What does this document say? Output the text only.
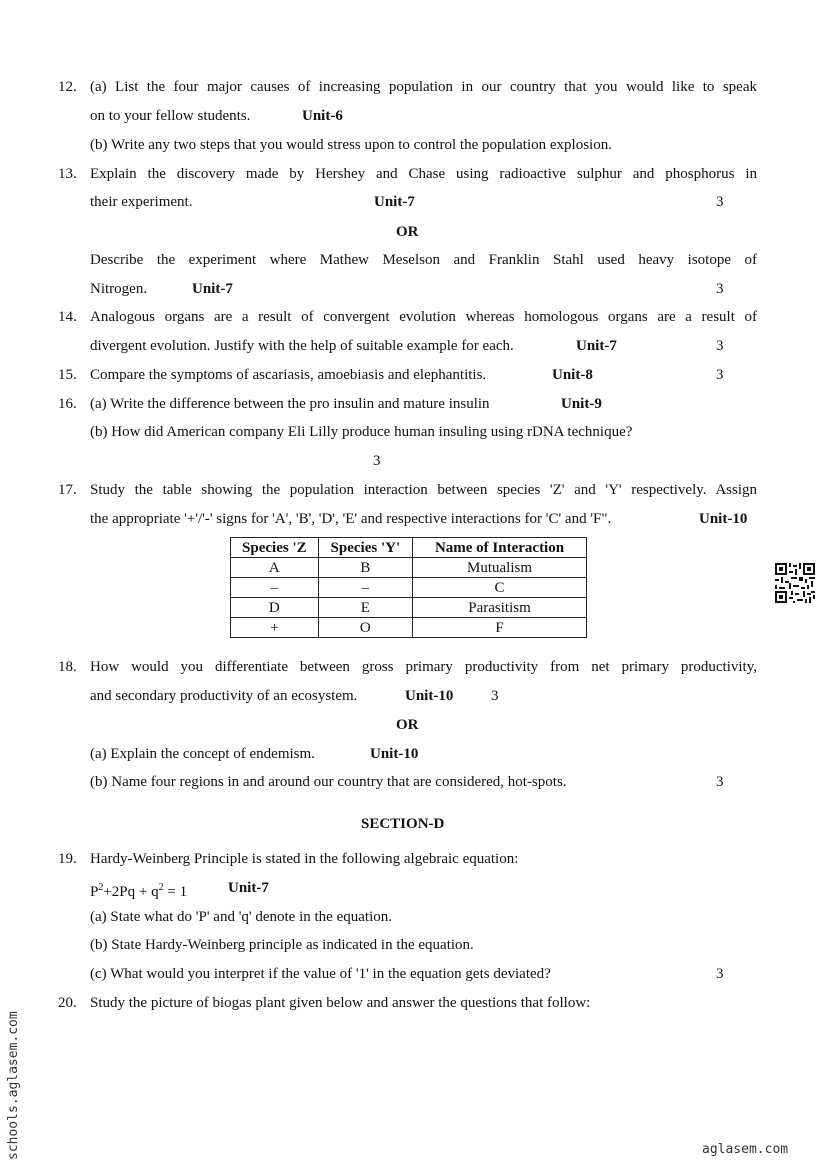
12. (a) List the four major causes of increasing population in our country that you would like to speak
on to your fellow students.	Unit-6
(b) Write any two steps that you would stress upon to control the population explosion.
13. Explain the discovery made by Hershey and Chase using radioactive sulphur and phosphorus in
their experiment.	Unit-7	3
OR
Describe the experiment where Mathew Meselson and Franklin Stahl used heavy isotope of
Nitrogen.	Unit-7	3
14. Analogous organs are a result of convergent evolution whereas homologous organs are a result of
divergent evolution. Justify with the help of suitable example for each.	Unit-7	3
15. Compare the symptoms of ascariasis, amoebiasis and elephantitis.	Unit-8	3
16. (a) Write the difference between the pro insulin and mature insulin	Unit-9
(b) How did American company Eli Lilly produce human insuling using rDNA technique?
3
17. Study the table showing the population interaction between species 'Z' and 'Y' respectively. Assign
the appropriate '+'/'-' signs for 'A', 'B', 'D', 'E' and respective interactions for 'C' and 'F".	Unit-10
Species 'Z	Species 'Y'	Name of Interaction
A	B	Mutualism
–	–	C
D	E	Parasitism
+	O	F
18. How would you differentiate between gross primary productivity from net primary productivity,
and secondary productivity of an ecosystem.	Unit-10	3
OR
(a) Explain the concept of endemism.	Unit-10
(b) Name four regions in and around our country that are considered, hot-spots.	3
SECTION-D
19. Hardy-Weinberg Principle is stated in the following algebraic equation:
$P^2+2Pq + q^2 = 1$	Unit-7
(a) State what do 'P' and 'q' denote in the equation.
(b) State Hardy-Weinberg principle as indicated in the equation.
(c) What would you interpret if the value of '1' in the equation gets deviated?	3
20. Study the picture of biogas plant given below and answer the questions that follow:
schools.aglasem.com	aglasem.com
